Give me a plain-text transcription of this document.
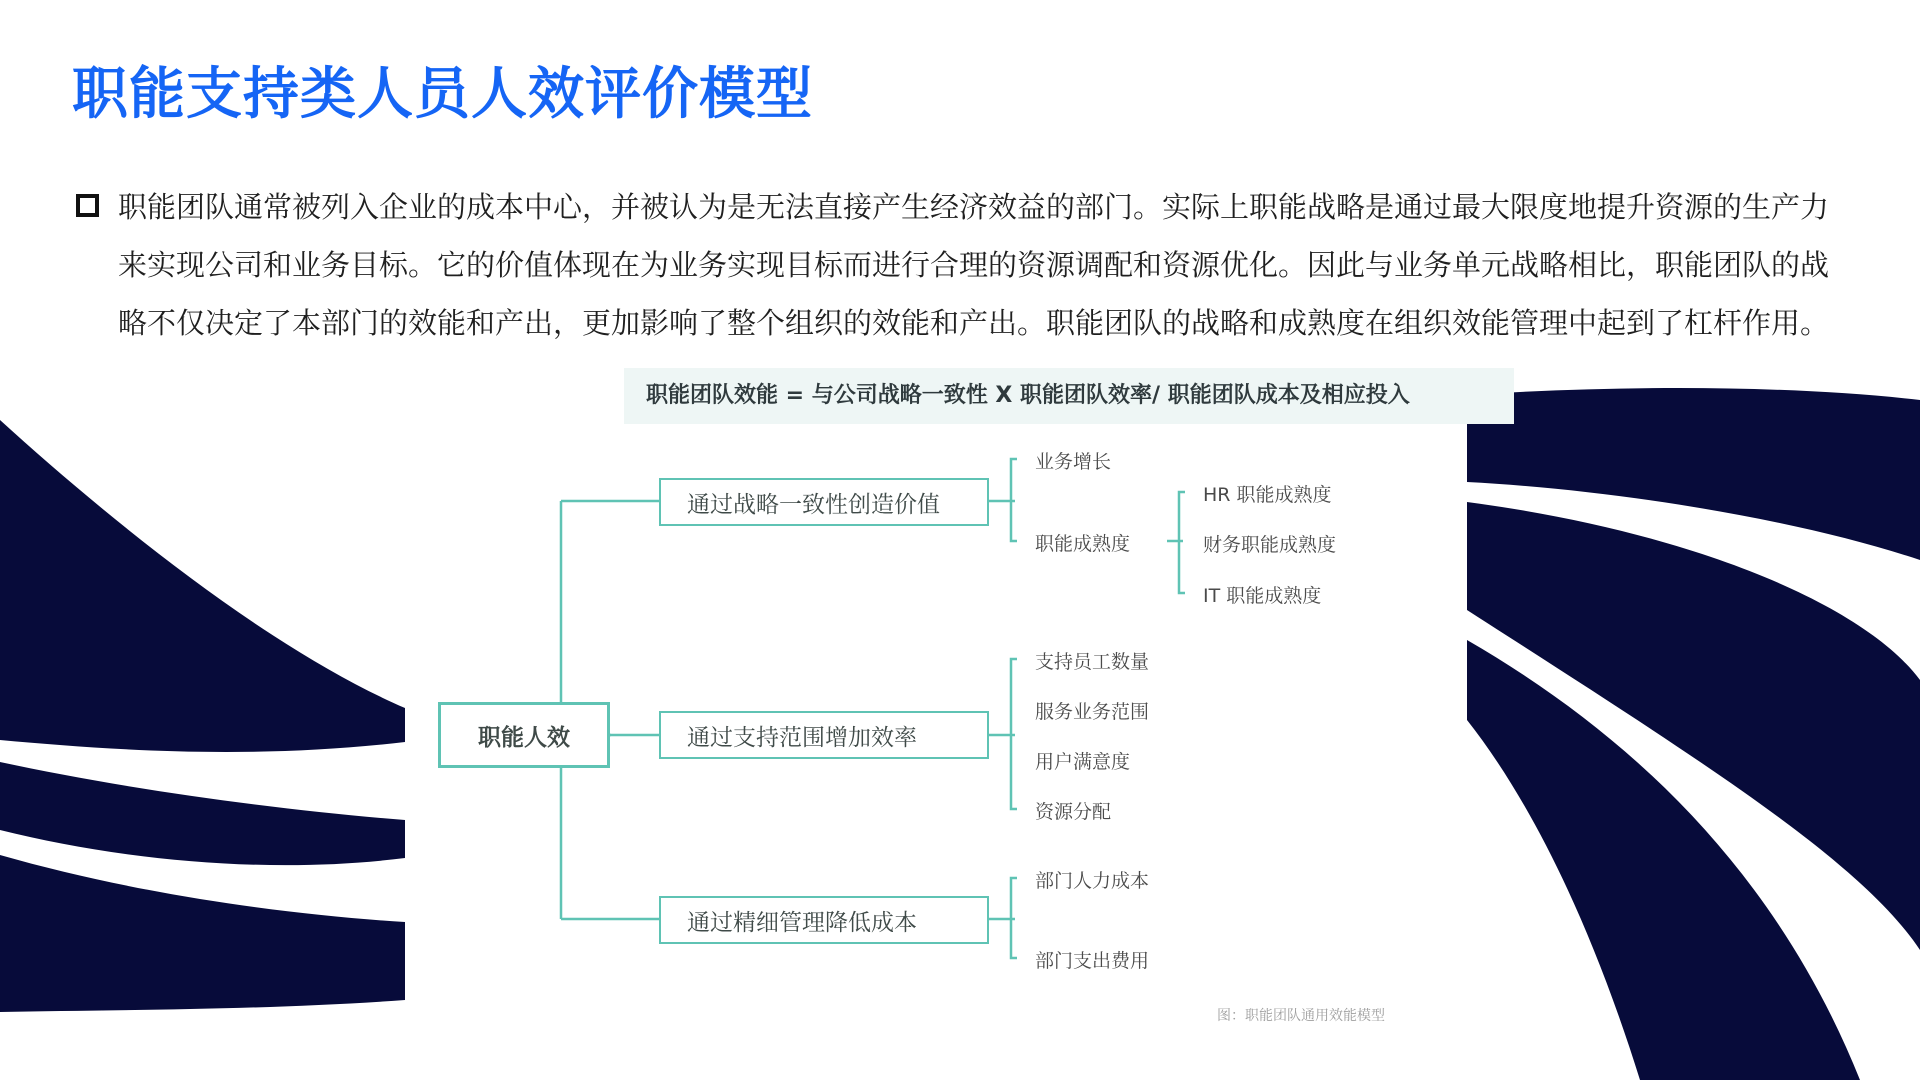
职能支持类人员人效评价模型

职能团队通常被列入企业的成本中心，并被认为是无法直接产生经济效益的部门。实际上职能战略是通过最大限度地提升资源的生产力来实现公司和业务目标。它的价值体现在为业务实现目标而进行合理的资源调配和资源优化。因此与业务单元战略相比，职能团队的战略不仅决定了本部门的效能和产出，更加影响了整个组织的效能和产出。职能团队的战略和成熟度在组织效能管理中起到了杠杆作用。

职能团队效能 = 与公司战略一致性 X 职能团队效率/ 职能团队成本及相应投入
职能人效
通过战略一致性创造价值
通过支持范围增加效率
通过精细管理降低成本
业务增长
职能成熟度
HR 职能成熟度
财务职能成熟度
IT 职能成熟度
支持员工数量
服务业务范围
用户满意度
资源分配
部门人力成本
部门支出费用
图：职能团队通用效能模型
